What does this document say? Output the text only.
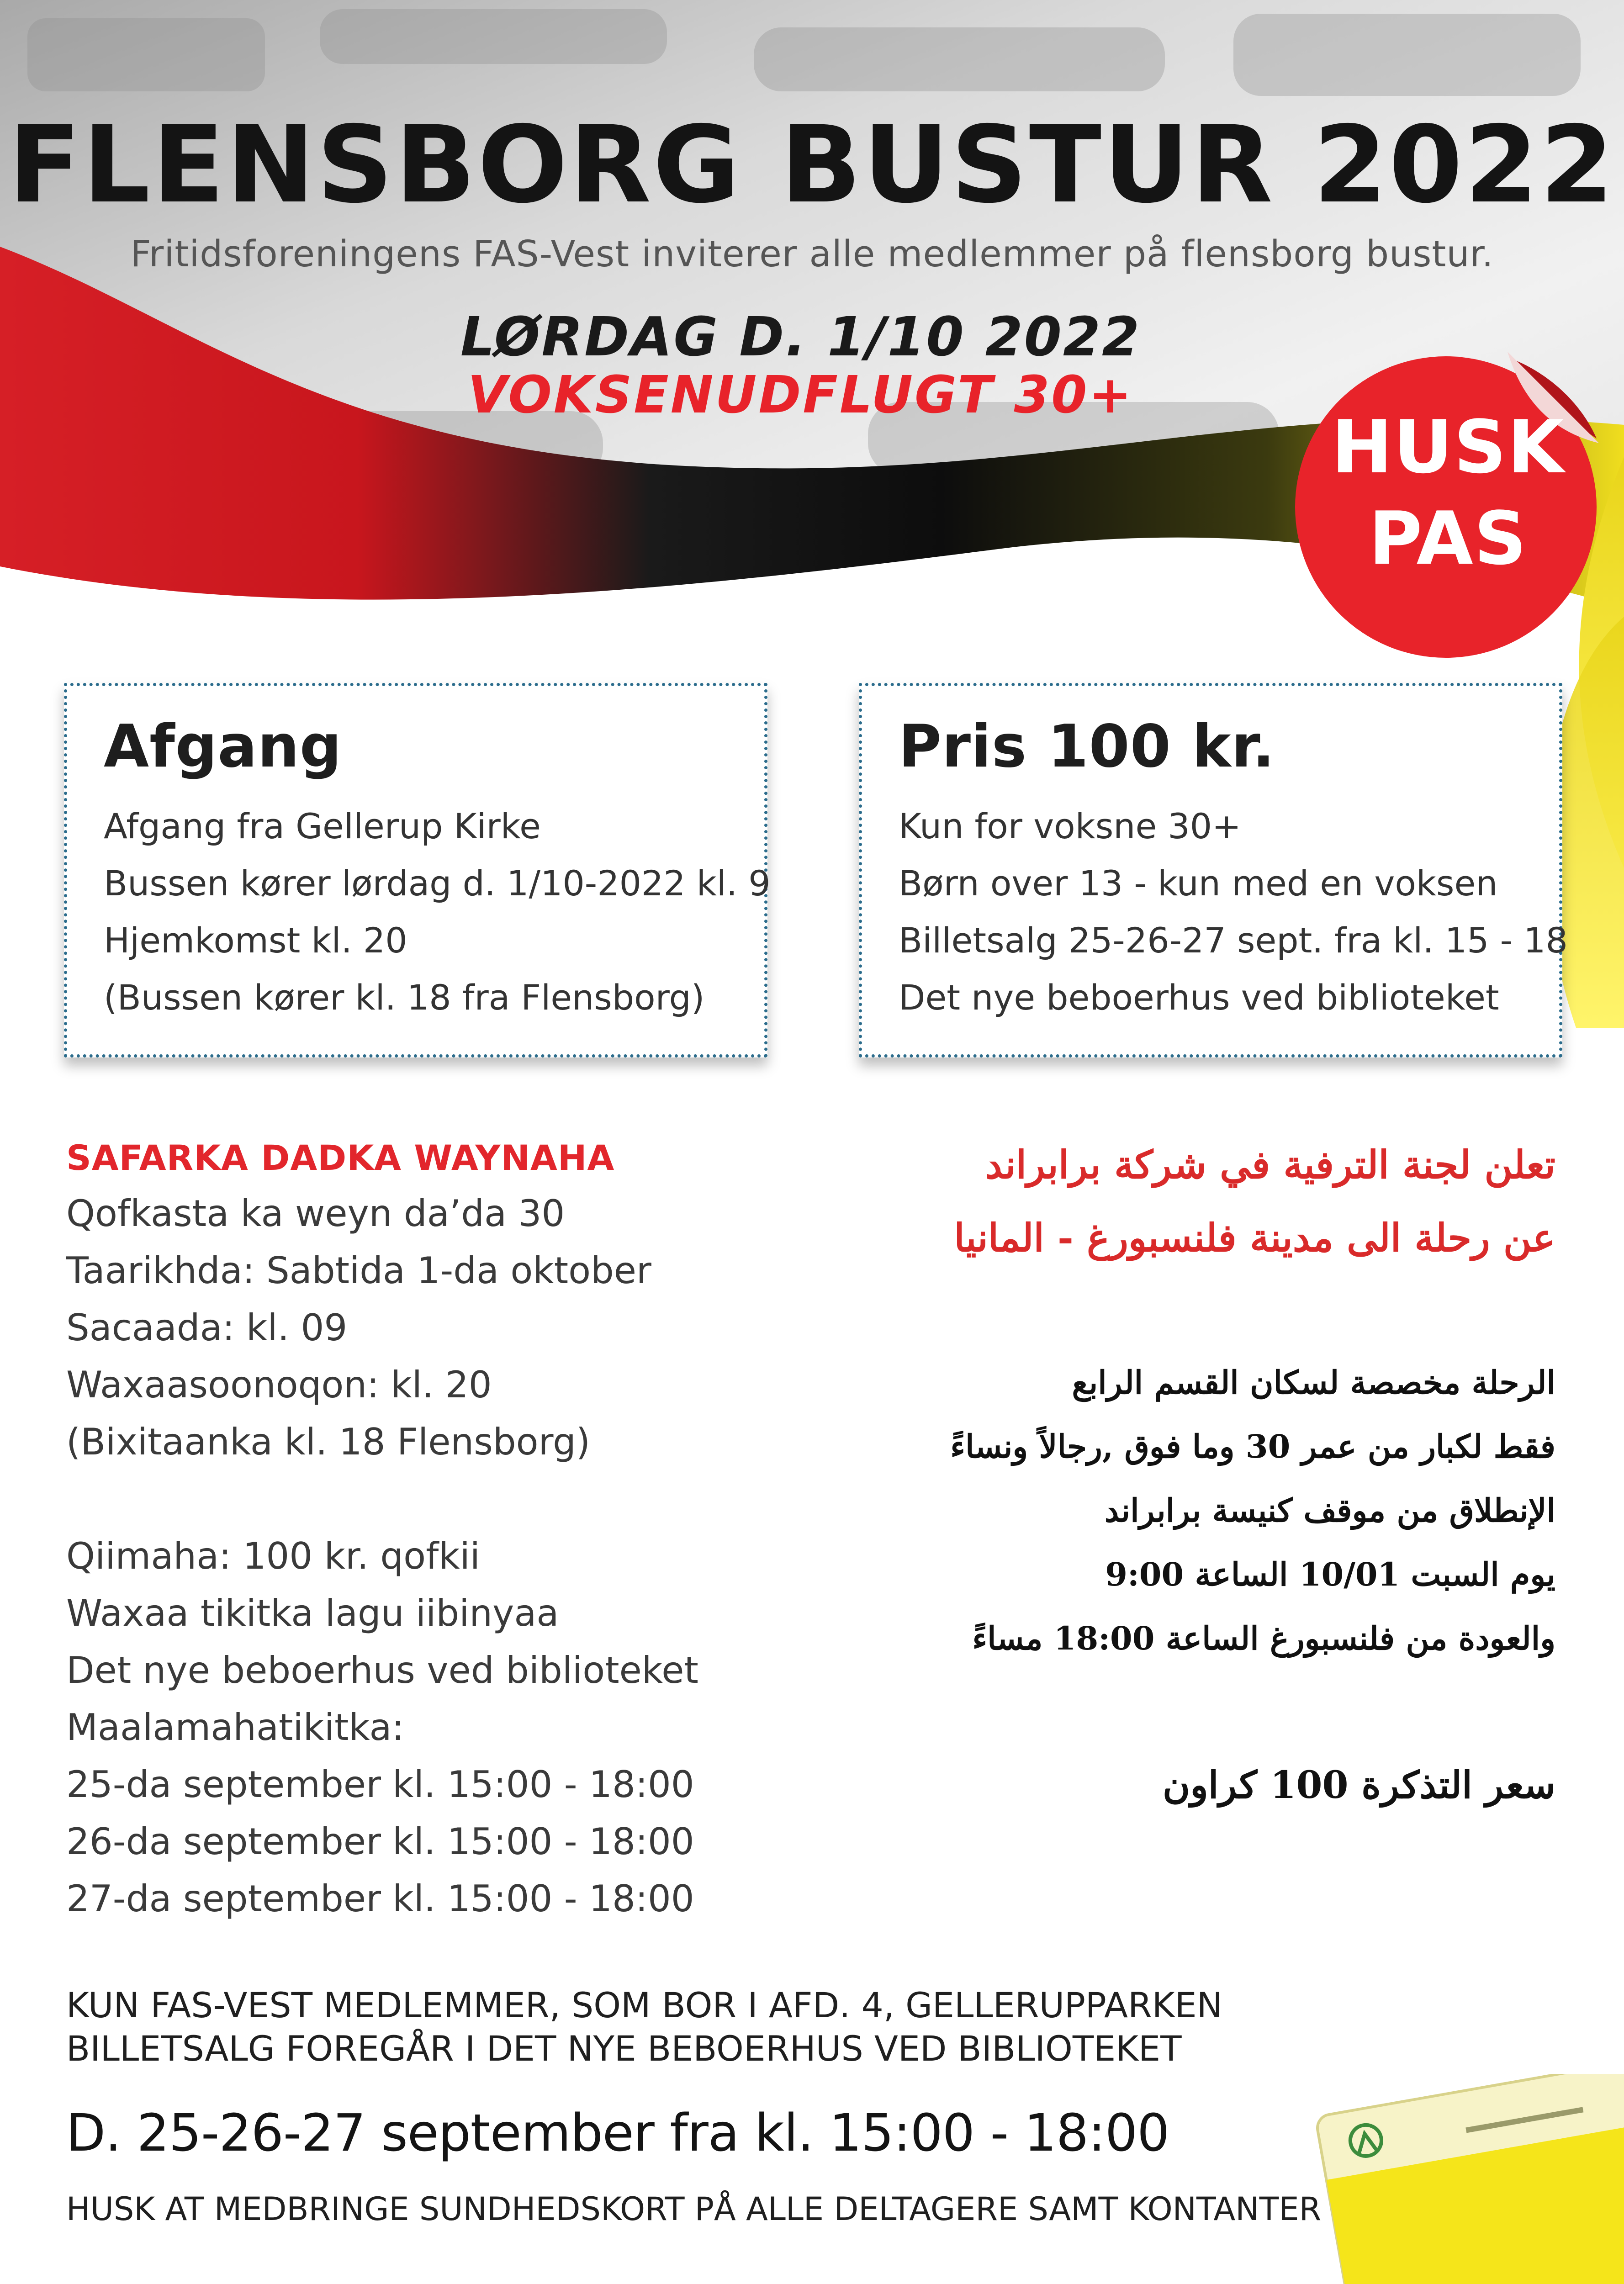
FLENSBORG BUSTUR 2022
Fritidsforeningens FAS-Vest inviterer alle medlemmer på flensborg bustur.
LØRDAG D. 1/10 2022
VOKSENUDFLUGT 30+
HUSK
PAS
Afgang
Afgang fra Gellerup Kirke
Bussen kører lørdag d. 1/10-2022 kl. 9
Hjemkomst kl. 20
(Bussen kører kl. 18 fra Flensborg)
Pris 100 kr.
Kun for voksne 30+
Børn over 13 - kun med en voksen
Billetsalg 25-26-27 sept. fra kl. 15 - 18
Det nye beboerhus ved biblioteket
SAFARKA DADKA WAYNAHA
Qofkasta ka weyn da’da 30
Taarikhda: Sabtida 1-da oktober
Sacaada: kl. 09
Waxaasoonoqon: kl. 20
(Bixitaanka kl. 18 Flensborg)
Qiimaha: 100 kr. qofkii
Waxaa tikitka lagu iibinyaa
Det nye beboerhus ved biblioteket
Maalamahatikitka:
25-da september kl. 15:00 - 18:00
26-da september kl. 15:00 - 18:00
27-da september kl. 15:00 - 18:00
تعلن لجنة الترفية في شركة برابراند
عن رحلة الى مدينة فلنسبورغ - المانيا
الرحلة مخصصة لسكان القسم الرابع
فقط لكبار من عمر 30 وما فوق ,رجالاً ونساءً
الإنطلاق من موقف كنيسة برابراند
يوم السبت 10/01 الساعة 9:00
والعودة من فلنسبورغ الساعة 18:00 مساءً
سعر التذكرة 100 كراون
KUN FAS-VEST MEDLEMMER, SOM BOR I AFD. 4, GELLERUPPARKEN
BILLETSALG FOREGÅR I DET NYE BEBOERHUS VED BIBLIOTEKET
D. 25-26-27 september fra kl. 15:00 - 18:00
HUSK AT MEDBRINGE SUNDHEDSKORT PÅ ALLE DELTAGERE SAMT KONTANTER
